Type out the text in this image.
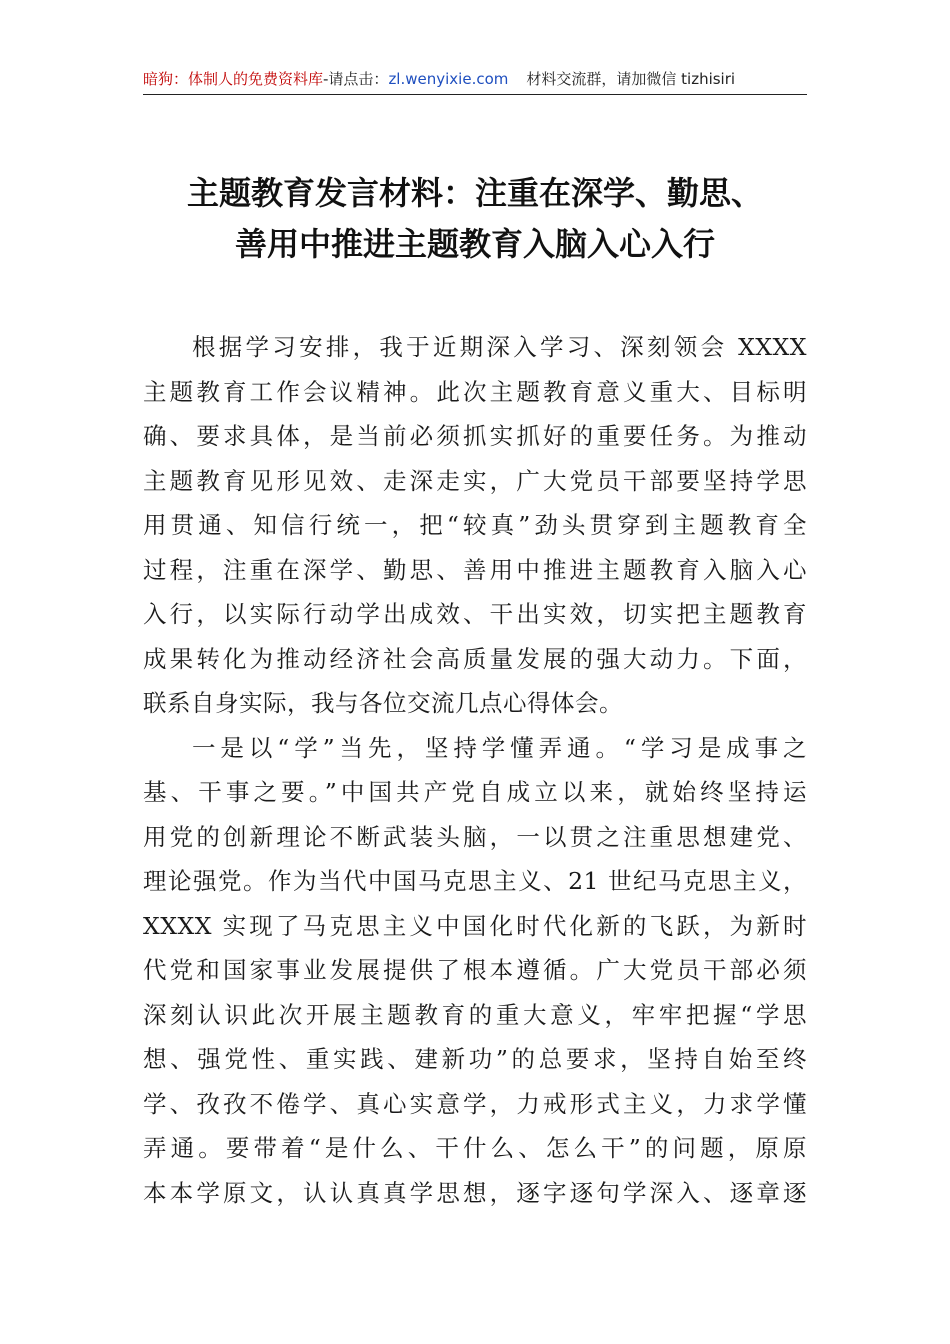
暗狗：体制人的免费资料库-请点击：zl.wenyixie.com 材料交流群，请加微信 tizhisiri
主题教育发言材料：注重在深学、勤思、
善用中推进主题教育入脑入心入行
根据学习安排，我于近期深入学习、深刻领会 XXXX
主题教育工作会议精神。此次主题教育意义重大、目标明
确、要求具体，是当前必须抓实抓好的重要任务。为推动
主题教育见形见效、走深走实，广大党员干部要坚持学思
用贯通、知信行统一，把“较真”劲头贯穿到主题教育全
过程，注重在深学、勤思、善用中推进主题教育入脑入心
入行，以实际行动学出成效、干出实效，切实把主题教育
成果转化为推动经济社会高质量发展的强大动力。下面，
联系自身实际，我与各位交流几点心得体会。
一是以“学”当先，坚持学懂弄通。“学习是成事之
基、干事之要。”中国共产党自成立以来，就始终坚持运
用党的创新理论不断武装头脑，一以贯之注重思想建党、
理论强党。作为当代中国马克思主义、21 世纪马克思主义，
XXXX 实现了马克思主义中国化时代化新的飞跃，为新时
代党和国家事业发展提供了根本遵循。广大党员干部必须
深刻认识此次开展主题教育的重大意义，牢牢把握“学思
想、强党性、重实践、建新功”的总要求，坚持自始至终
学、孜孜不倦学、真心实意学，力戒形式主义，力求学懂
弄通。要带着“是什么、干什么、怎么干”的问题，原原
本本学原文，认认真真学思想，逐字逐句学深入、逐章逐
